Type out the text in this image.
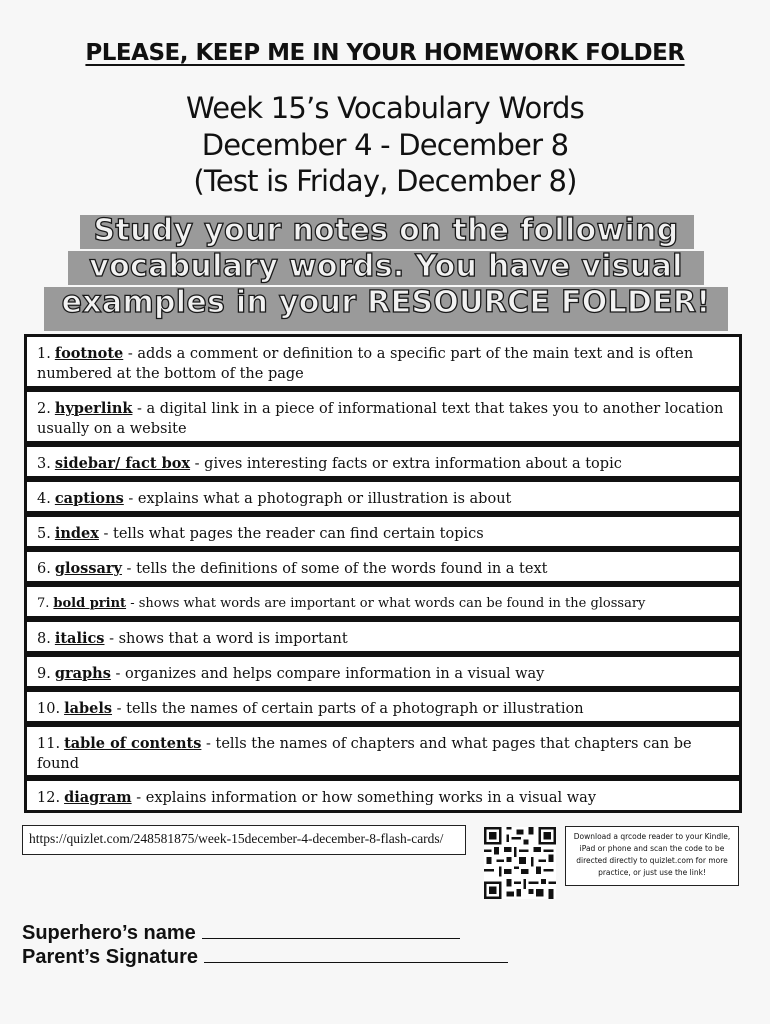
PLEASE, KEEP ME IN YOUR HOMEWORK FOLDER
Week 15’s Vocabulary Words
December 4 - December 8
(Test is Friday, December 8)
Study your notes on the following
vocabulary words. You have visual
examples in your RESOURCE FOLDER!
1. footnote - adds a comment or definition to a specific part of the main text and is often numbered at the bottom of the page
2. hyperlink - a digital link in a piece of informational text that takes you to another location usually on a website
3. sidebar/ fact box - gives interesting facts or extra information about a topic
4. captions - explains what a photograph or illustration is about
5. index - tells what pages the reader can find certain topics
6. glossary - tells the definitions of some of the words found in a text
7. bold print - shows what words are important or what words can be found in the glossary
8. italics - shows that a word is important
9. graphs - organizes and helps compare information in a visual way
10. labels - tells the names of certain parts of a photograph or illustration
11. table of contents - tells the names of chapters and what pages that chapters can be found
12. diagram - explains information or how something works in a visual way
https://quizlet.com/248581875/week-15december-4-december-8-flash-cards/	Download a qrcode reader to your Kindle, iPad or phone and scan the code to be directed directly to quizlet.com for more practice, or just use the link!
Superhero’s name
Parent’s Signature
